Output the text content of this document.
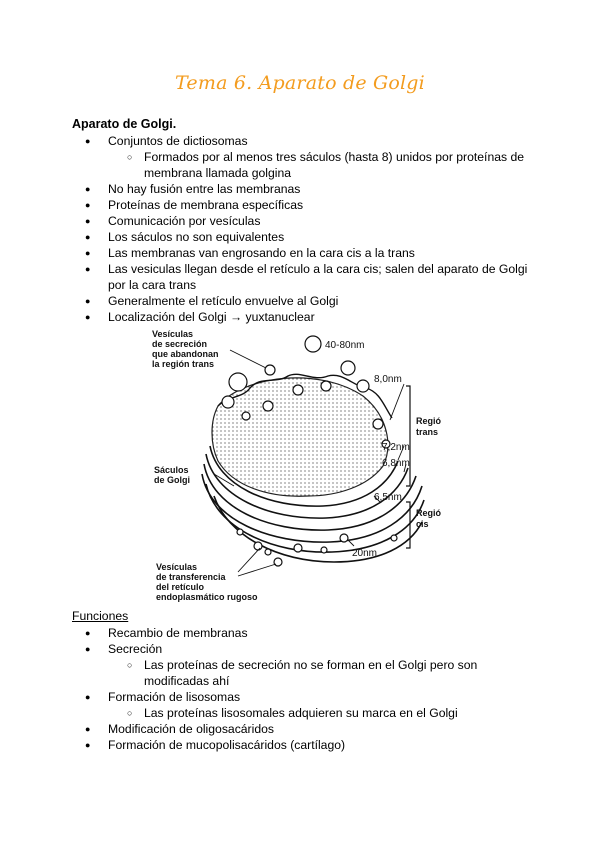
Tema 6. Aparato de Golgi
Aparato de Golgi.
● Conjuntos de dictiosomas
○ Formados por al menos tres sáculos (hasta 8) unidos por proteínas de membrana llamada golgina
● No hay fusión entre las membranas
● Proteínas de membrana específicas
● Comunicación por vesículas
● Los sáculos no son equivalentes
● Las membranas van engrosando en la cara cis a la trans
● Las vesiculas llegan desde el retículo a la cara cis; salen del aparato de Golgi por la cara trans
● Generalmente el retículo envuelve al Golgi
● Localización del Golgi → yuxtanuclear
Vesículas
de secreción
que abandonan
la región trans
Sáculos
de Golgi
Vesículas
de transferencia
del retículo
endoplasmático rugoso
Regió
trans
Regió
cis
40-80nm
8,0nm
7,2nm
6,8nm
6,5nm
20nm
Funciones
● Recambio de membranas
● Secreción
○ Las proteínas de secreción no se forman en el Golgi pero son modificadas ahí
● Formación de lisosomas
○ Las proteínas lisosomales adquieren su marca en el Golgi
● Modificación de oligosacáridos
● Formación de mucopolisacáridos (cartílago)
